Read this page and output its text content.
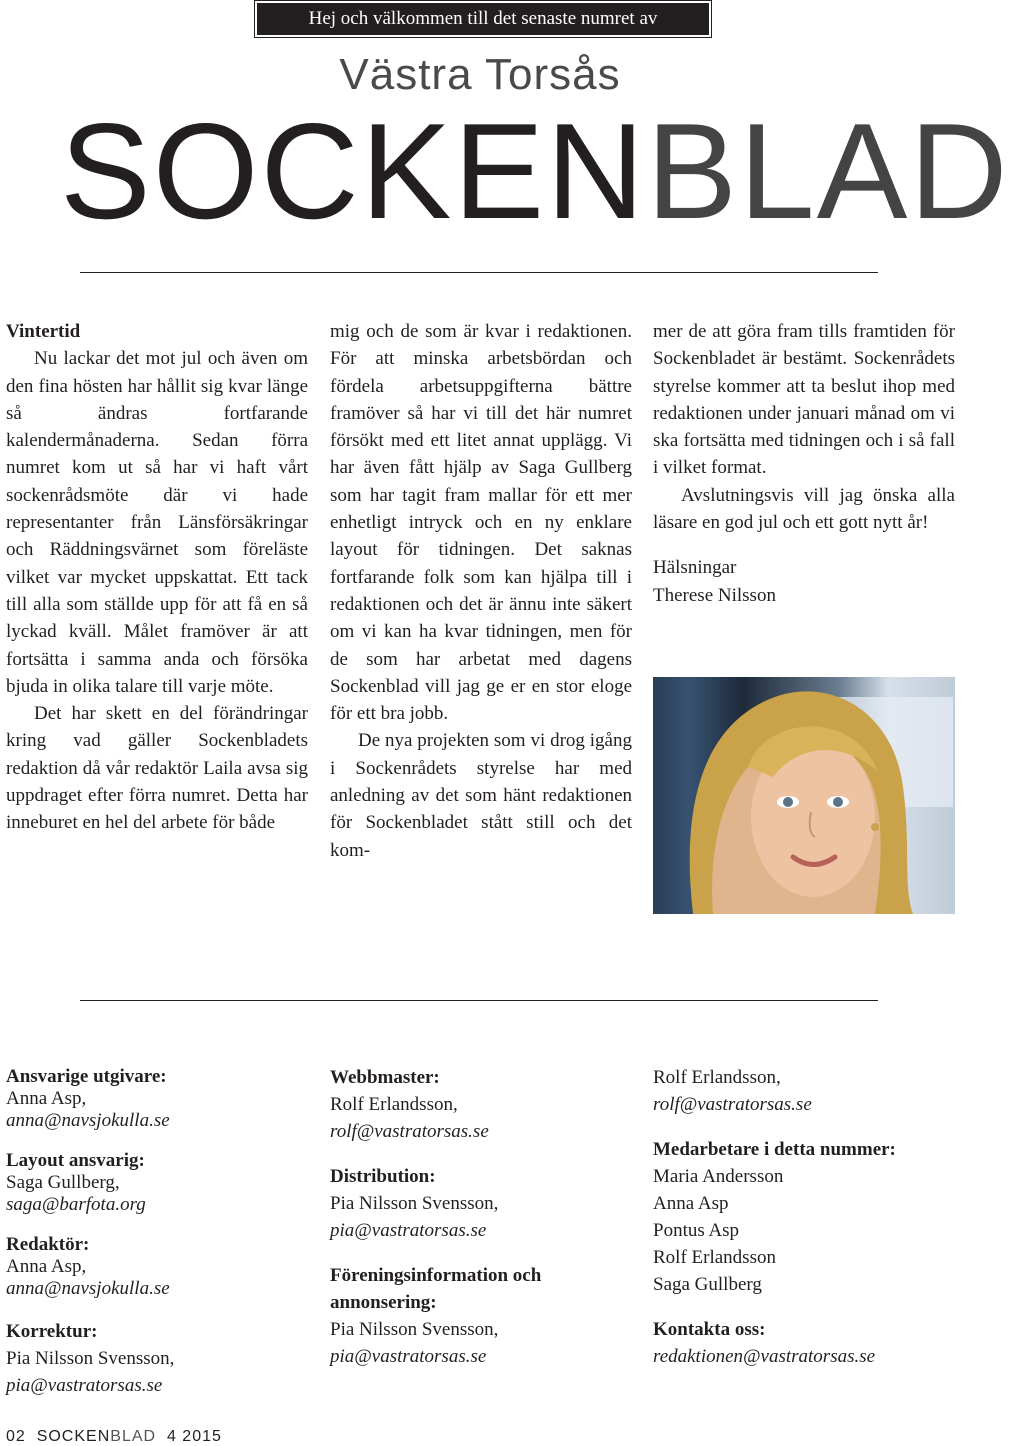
Hej och välkommen till det senaste numret av
Västra Torsås
SOCKENBLAD
Vintertid

Nu lackar det mot jul och även om den fina hösten har hållit sig kvar länge så ändras fortfarande kalendermånaderna. Sedan förra numret kom ut så har vi haft vårt sockenrådsmöte där vi hade representanter från Länsförsäkringar och Räddningsvärnet som föreläste vilket var mycket uppskattat. Ett tack till alla som ställde upp för att få en så lyckad kväll. Målet framöver är att fortsätta i samma anda och försöka bjuda in olika talare till varje möte.

Det har skett en del förändringar kring vad gäller Sockenbladets redaktion då vår redaktör Laila avsa sig uppdraget efter förra numret. Detta har inneburet en hel del arbete för både

mig och de som är kvar i redaktionen. För att minska arbetsbördan och fördela arbetsuppgifterna bättre framöver så har vi till det här numret försökt med ett litet annat upplägg. Vi har även fått hjälp av Saga Gullberg som har tagit fram mallar för ett mer enhetligt intryck och en ny enklare layout för tidningen. Det saknas fortfarande folk som kan hjälpa till i redaktionen och det är ännu inte säkert om vi kan ha kvar tidningen, men för de som har arbetat med dagens Sockenblad vill jag ge er en stor eloge för ett bra jobb.

De nya projekten som vi drog igång i Sockenrådets styrelse har med anledning av det som hänt redaktionen för Sockenbladet stått still och det kom-

mer de att göra fram tills framtiden för Sockenbladet är bestämt. Sockenrådets styrelse kommer att ta beslut ihop med redaktionen under januari månad om vi ska fortsätta med tidningen och i så fall i vilket format.

Avslutningsvis vill jag önska alla läsare en god jul och ett gott nytt år!

Hälsningar

Therese Nilsson

Ansvarige utgivare:
Anna Asp,
anna@navsjokulla.se
Layout ansvarig:
Saga Gullberg,
saga@barfota.org
Redaktör:
Anna Asp,
anna@navsjokulla.se
Korrektur:
Pia Nilsson Svensson,
pia@vastratorsas.se
Webbmaster:
Rolf Erlandsson,
rolf@vastratorsas.se
Distribution:
Pia Nilsson Svensson,
pia@vastratorsas.se
Föreningsinformation och annonsering:
Pia Nilsson Svensson,
pia@vastratorsas.se
Rolf Erlandsson,
rolf@vastratorsas.se
Medarbetare i detta nummer:
Maria Andersson
Anna Asp
Pontus Asp
Rolf Erlandsson
Saga Gullberg
Kontakta oss:
redaktionen@vastratorsas.se
02 SOCKENBLAD 4 2015
